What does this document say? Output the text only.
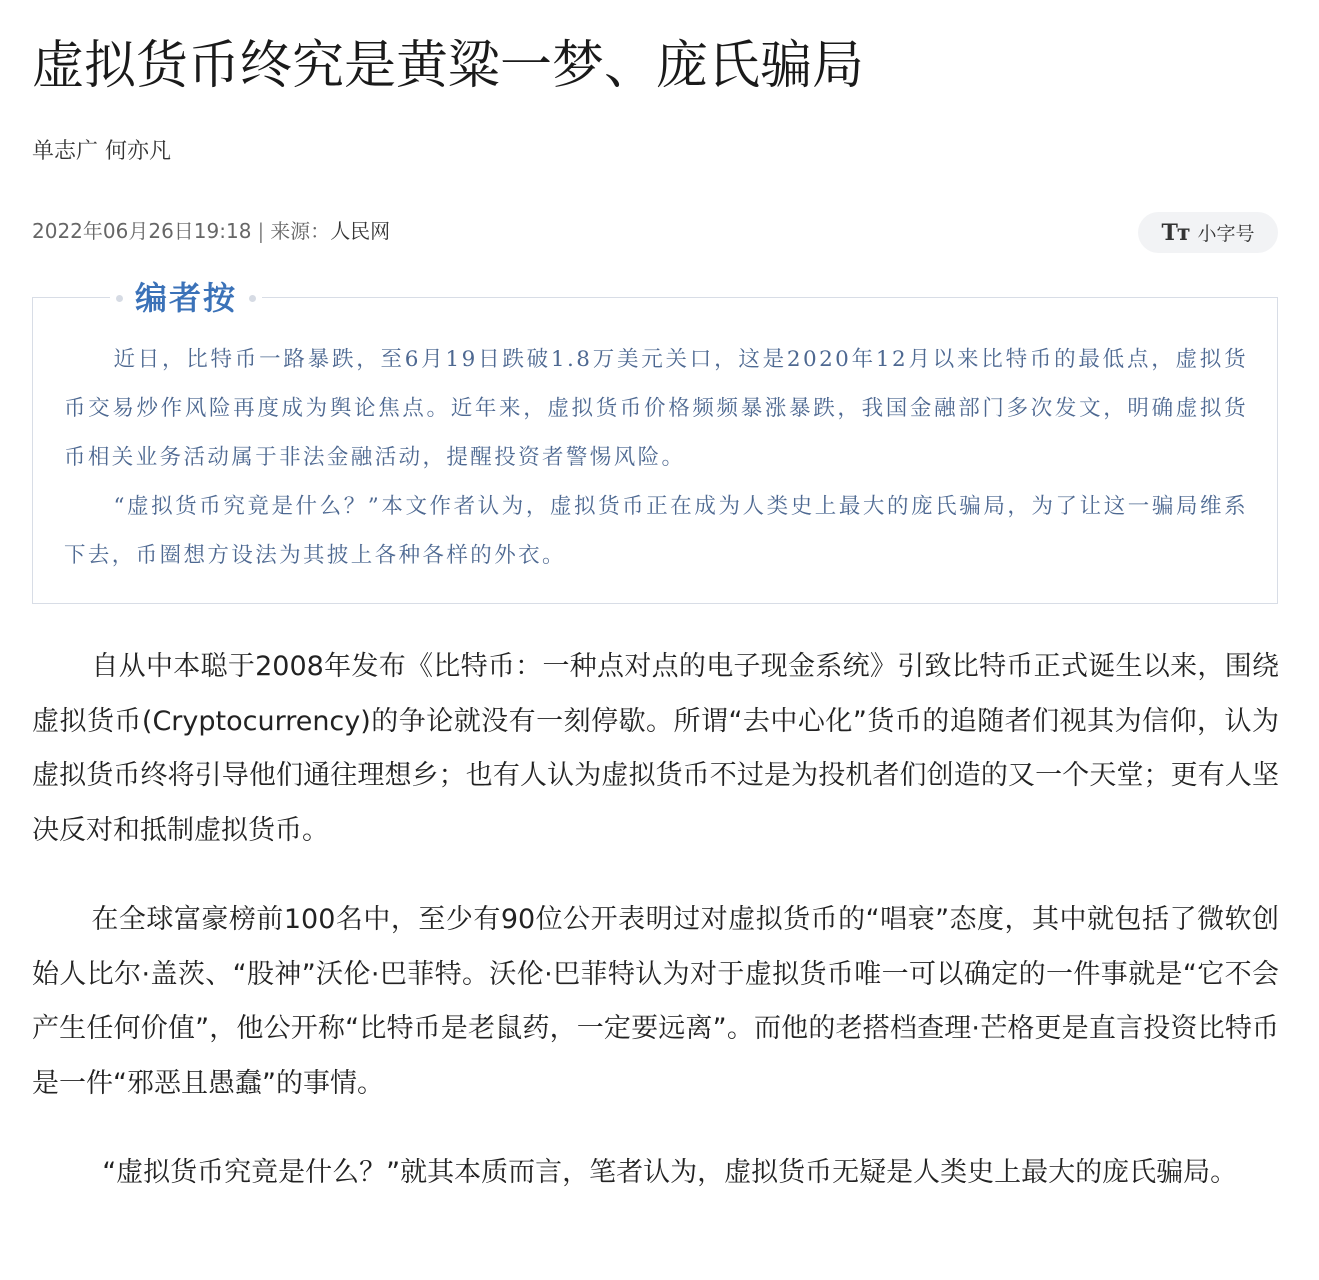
虚拟货币终究是黄粱一梦、庞氏骗局
单志广 何亦凡
2022年06月26日19:18 | 来源：人民网	Tт 小字号
编者按

近日，比特币一路暴跌，至6月19日跌破1.8万美元关口，这是2020年12月以来比特币的最低点，虚拟货币交易炒作风险再度成为舆论焦点。近年来，虚拟货币价格频频暴涨暴跌，我国金融部门多次发文，明确虚拟货币相关业务活动属于非法金融活动，提醒投资者警惕风险。

“虚拟货币究竟是什么？”本文作者认为，虚拟货币正在成为人类史上最大的庞氏骗局，为了让这一骗局维系下去，币圈想方设法为其披上各种各样的外衣。

自从中本聪于2008年发布《比特币：一种点对点的电子现金系统》引致比特币正式诞生以来，围绕虚拟货币(Cryptocurrency)的争论就没有一刻停歇。所谓“去中心化”货币的追随者们视其为信仰，认为虚拟货币终将引导他们通往理想乡；也有人认为虚拟货币不过是为投机者们创造的又一个天堂；更有人坚决反对和抵制虚拟货币。

在全球富豪榜前100名中，至少有90位公开表明过对虚拟货币的“唱衰”态度，其中就包括了微软创始人比尔·盖茨、“股神”沃伦·巴菲特。沃伦·巴菲特认为对于虚拟货币唯一可以确定的一件事就是“它不会产生任何价值”，他公开称“比特币是老鼠药，一定要远离”。而他的老搭档查理·芒格更是直言投资比特币是一件“邪恶且愚蠢”的事情。

“虚拟货币究竟是什么？”就其本质而言，笔者认为，虚拟货币无疑是人类史上最大的庞氏骗局。
